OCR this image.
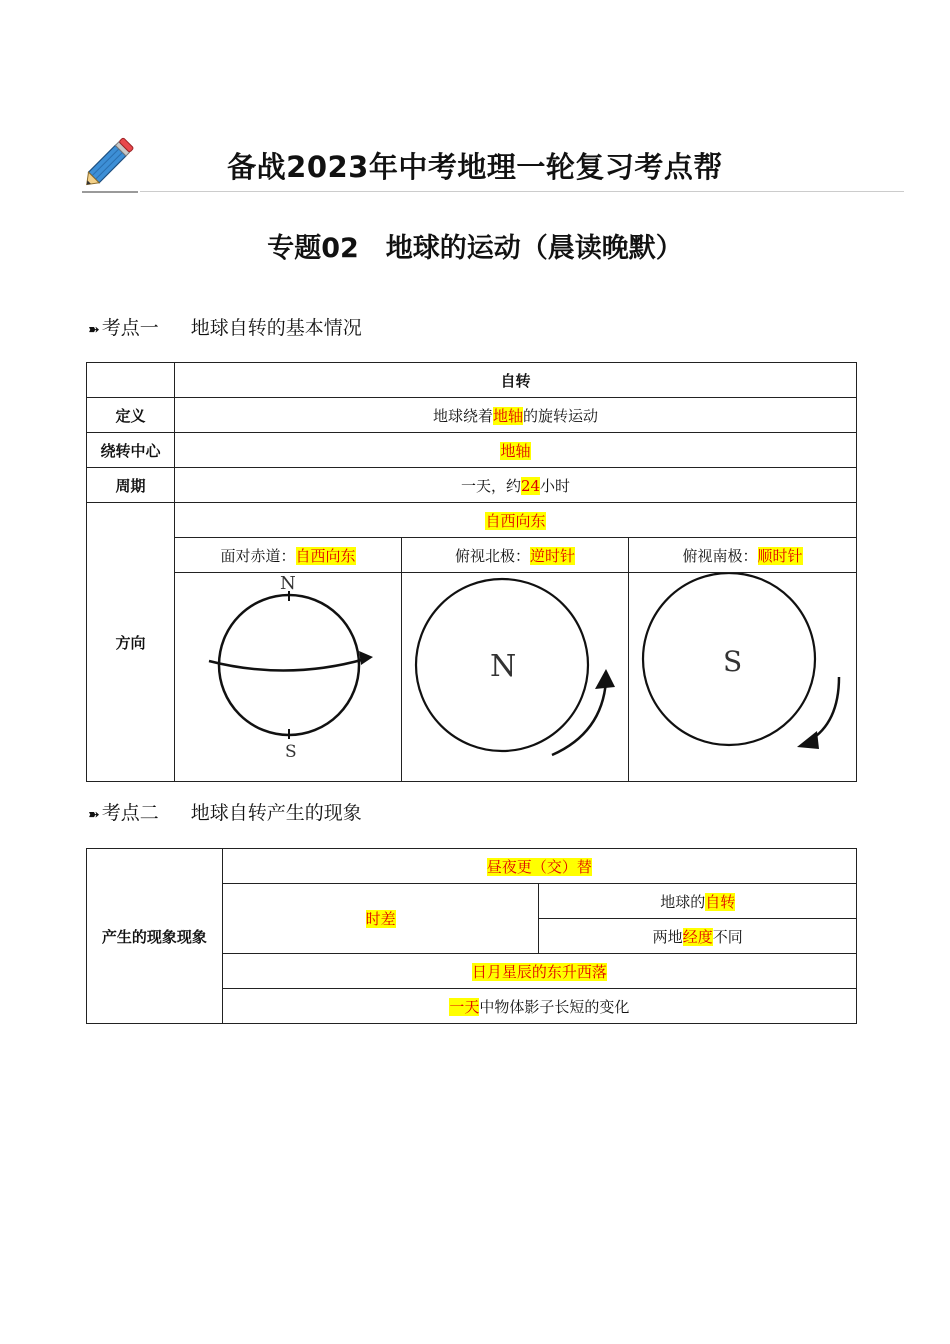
备战2023年中考地理一轮复习考点帮
专题02　地球的运动（晨读晚默）
➽ 考点一 地球自转的基本情况
	自转		
定义	地球绕着地轴的旋转运动		
绕转中心	地轴		
周期	一天，约24小时		
方向	自西向东		
	面对赤道：自西向东	俯视北极：逆时针	俯视南极：顺时针

N
S	N	S
➽ 考点二 地球自转产生的现象
产生的现象现象	昼夜更（交）替	
	时差	地球的自转
		两地经度不同
	日月星辰的东升西落	
	一天中物体影子长短的变化	
